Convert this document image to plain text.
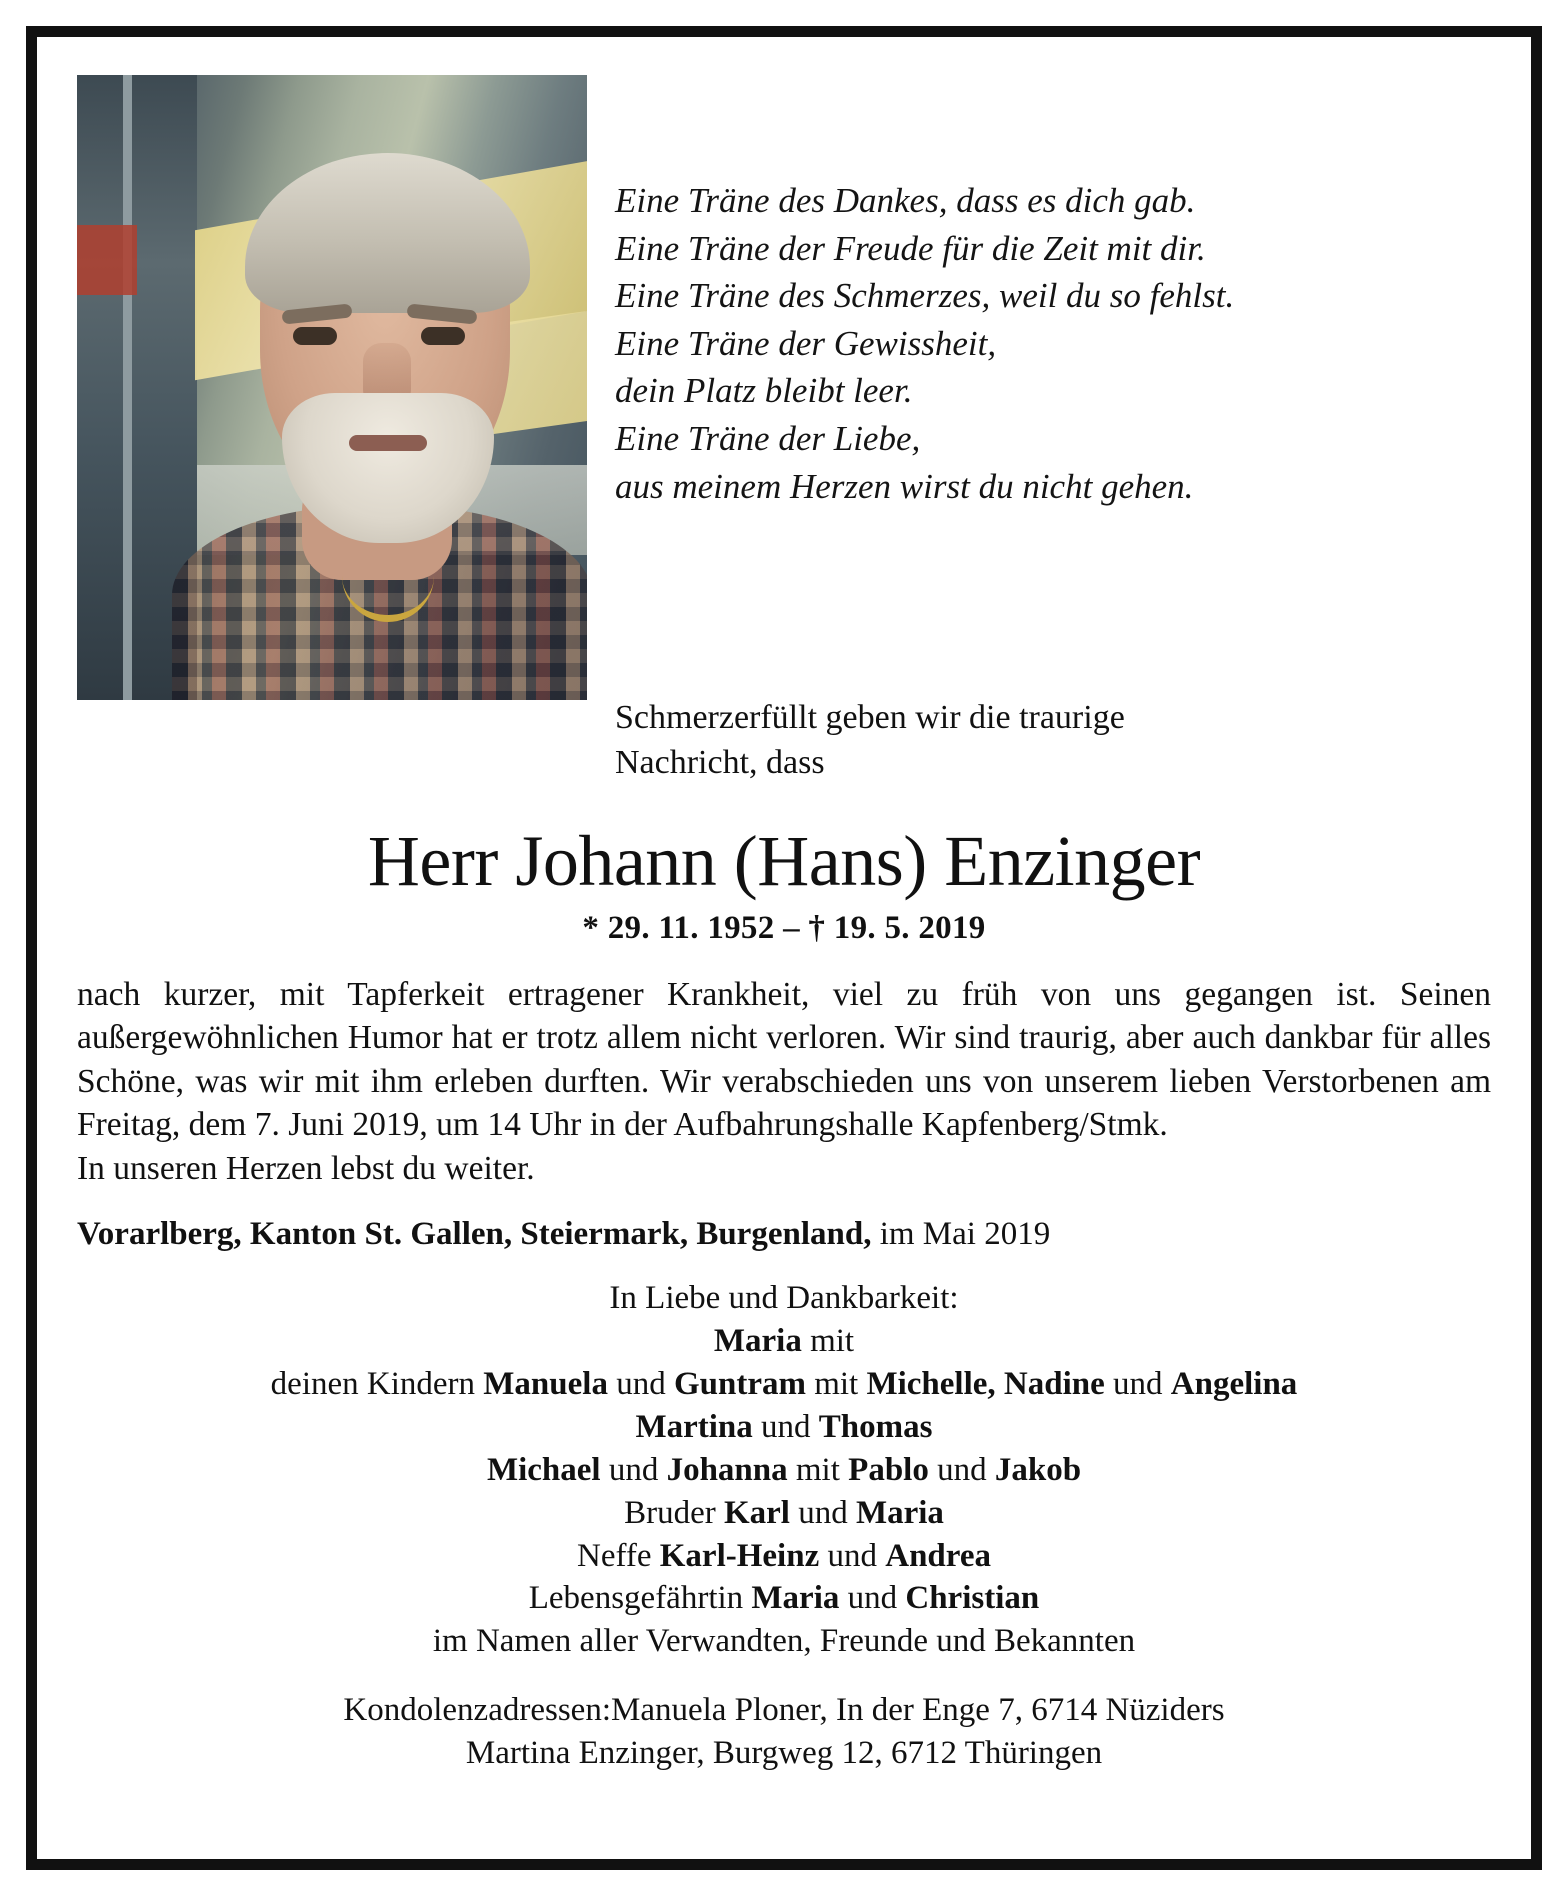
Eine Träne des Dankes, dass es dich gab.

Eine Träne der Freude für die Zeit mit dir.

Eine Träne des Schmerzes, weil du so fehlst.

Eine Träne der Gewissheit,

dein Platz bleibt leer.

Eine Träne der Liebe,

aus meinem Herzen wirst du nicht gehen.

Schmerzerfüllt geben wir die traurige
Nachricht, dass
Herr Johann (Hans) Enzinger
* 29. 11. 1952 – † 19. 5. 2019
nach kurzer, mit Tapferkeit ertragener Krankheit, viel zu früh von uns gegangen ist. Seinen außergewöhnlichen Humor hat er trotz allem nicht verloren. Wir sind traurig, aber auch dankbar für alles Schöne, was wir mit ihm erleben durften. Wir verabschieden uns von unserem lieben Verstorbenen am Freitag, dem 7. Juni 2019, um 14 Uhr in der Aufbahrungshalle Kapfenberg/Stmk.
In unseren Herzen lebst du weiter.
Vorarlberg, Kanton St. Gallen, Steiermark, Burgenland, im Mai 2019
In Liebe und Dankbarkeit:
Maria mit
deinen Kindern Manuela und Guntram mit Michelle, Nadine und Angelina
Martina und Thomas
Michael und Johanna mit Pablo und Jakob
Bruder Karl und Maria
Neffe Karl-Heinz und Andrea
Lebensgefährtin Maria und Christian
im Namen aller Verwandten, Freunde und Bekannten
Kondolenzadressen:Manuela Ploner, In der Enge 7, 6714 Nüziders
Martina Enzinger, Burgweg 12, 6712 Thüringen
